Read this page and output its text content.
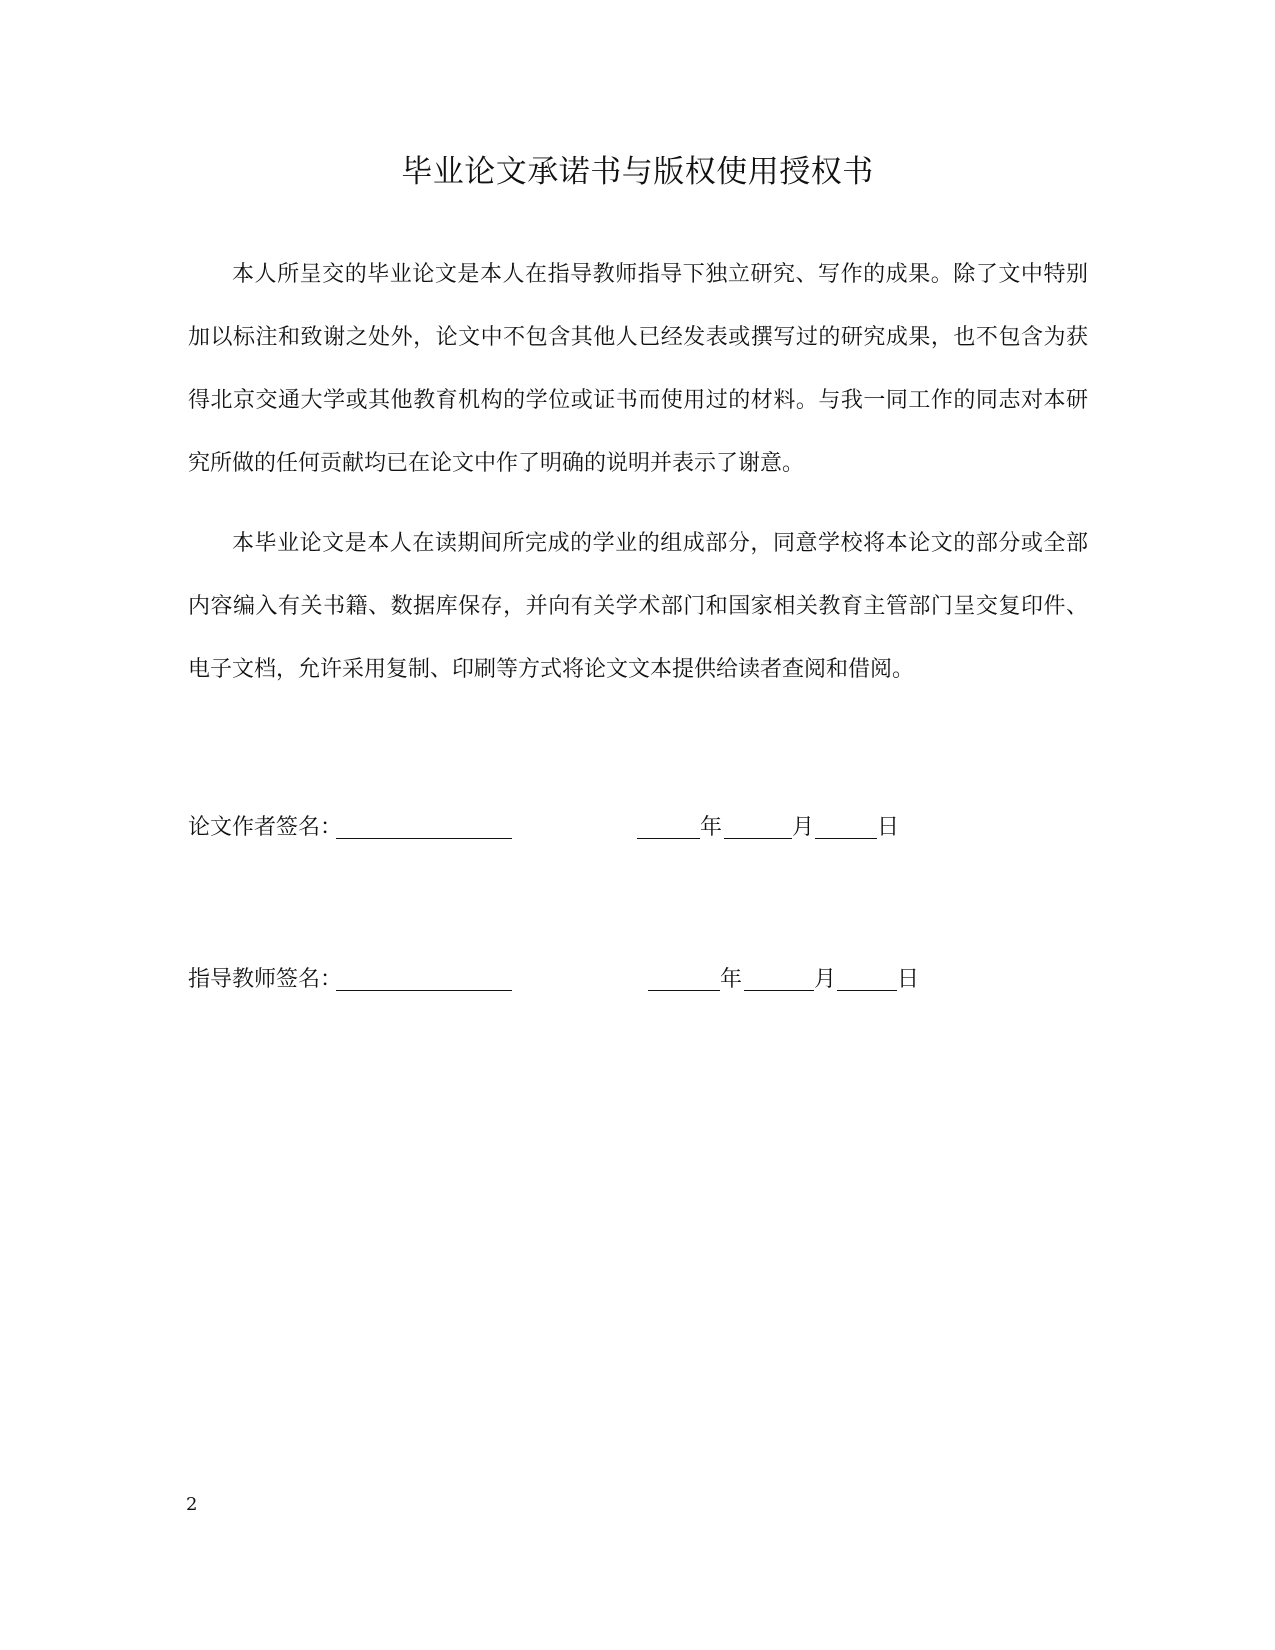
毕业论文承诺书与版权使用授权书

本人所呈交的毕业论文是本人在指导教师指导下独立研究、写作的成果。除了文中特别加以标注和致谢之处外，论文中不包含其他人已经发表或撰写过的研究成果，也不包含为获得北京交通大学或其他教育机构的学位或证书而使用过的材料。与我一同工作的同志对本研究所做的任何贡献均已在论文中作了明确的说明并表示了谢意。

本毕业论文是本人在读期间所完成的学业的组成部分，同意学校将本论文的部分或全部内容编入有关书籍、数据库保存，并向有关学术部门和国家相关教育主管部门呈交复印件、电子文档，允许采用复制、印刷等方式将论文文本提供给读者查阅和借阅。

论文作者签名：	年	月	日
指导教师签名：	年	月	日
2
